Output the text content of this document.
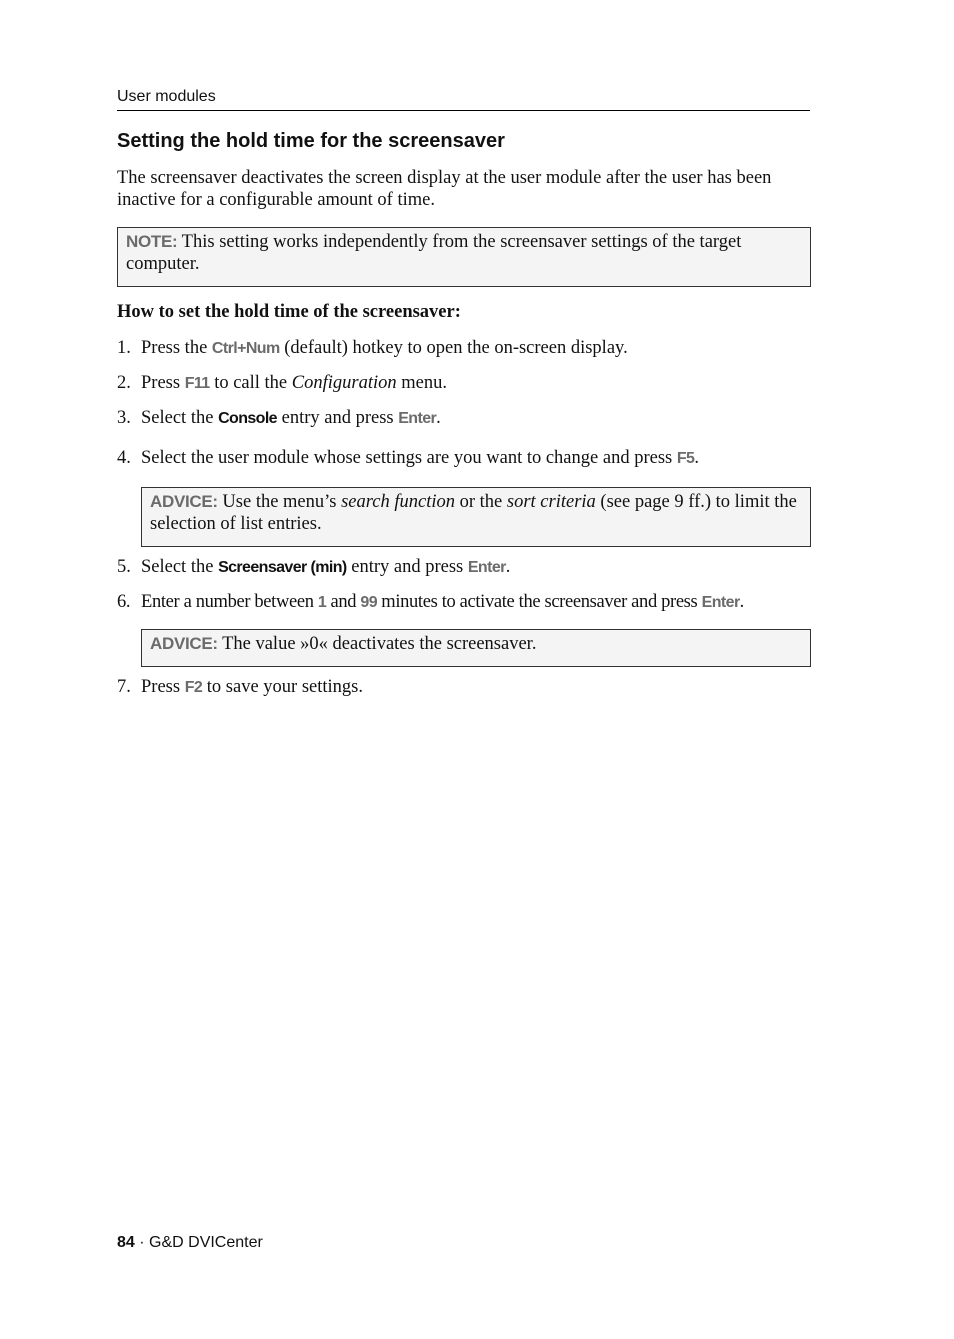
User modules
Setting the hold time for the screensaver
The screensaver deactivates the screen display at the user module after the user has been inactive for a configurable amount of time.
NOTE: This setting works independently from the screensaver settings of the target computer.
How to set the hold time of the screensaver:
1. Press the Ctrl+Num (default) hotkey to open the on-screen display.
2. Press F11 to call the Configuration menu.
3. Select the Console entry and press Enter.
4. Select the user module whose settings are you want to change and press F5.
ADVICE: Use the menu’s search function or the sort criteria (see page 9 ff.) to limit the selection of list entries.
5. Select the Screensaver (min) entry and press Enter.
6. Enter a number between 1 and 99 minutes to activate the screensaver and press Enter.
ADVICE: The value »0« deactivates the screensaver.
7. Press F2 to save your settings.
84 · G&D DVICenter
